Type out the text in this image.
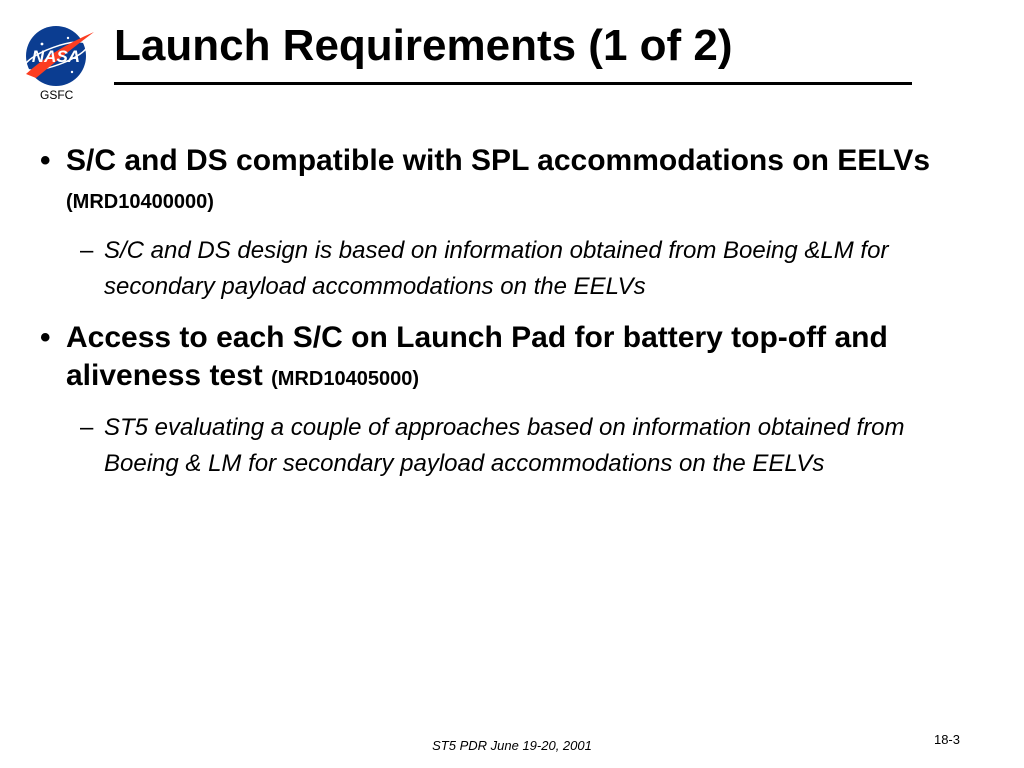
NASA
GSFC
Launch Requirements (1 of 2)
• S/C and DS compatible with SPL accommodations on EELVs (MRD10400000)
– S/C and DS design is based on information obtained from Boeing &LM for secondary payload accommodations on the EELVs
• Access to each S/C on Launch Pad for battery top-off and aliveness test (MRD10405000)
– ST5 evaluating a couple of approaches based on information obtained from Boeing & LM for secondary payload accommodations on the EELVs
ST5 PDR June 19-20, 2001	18-3
